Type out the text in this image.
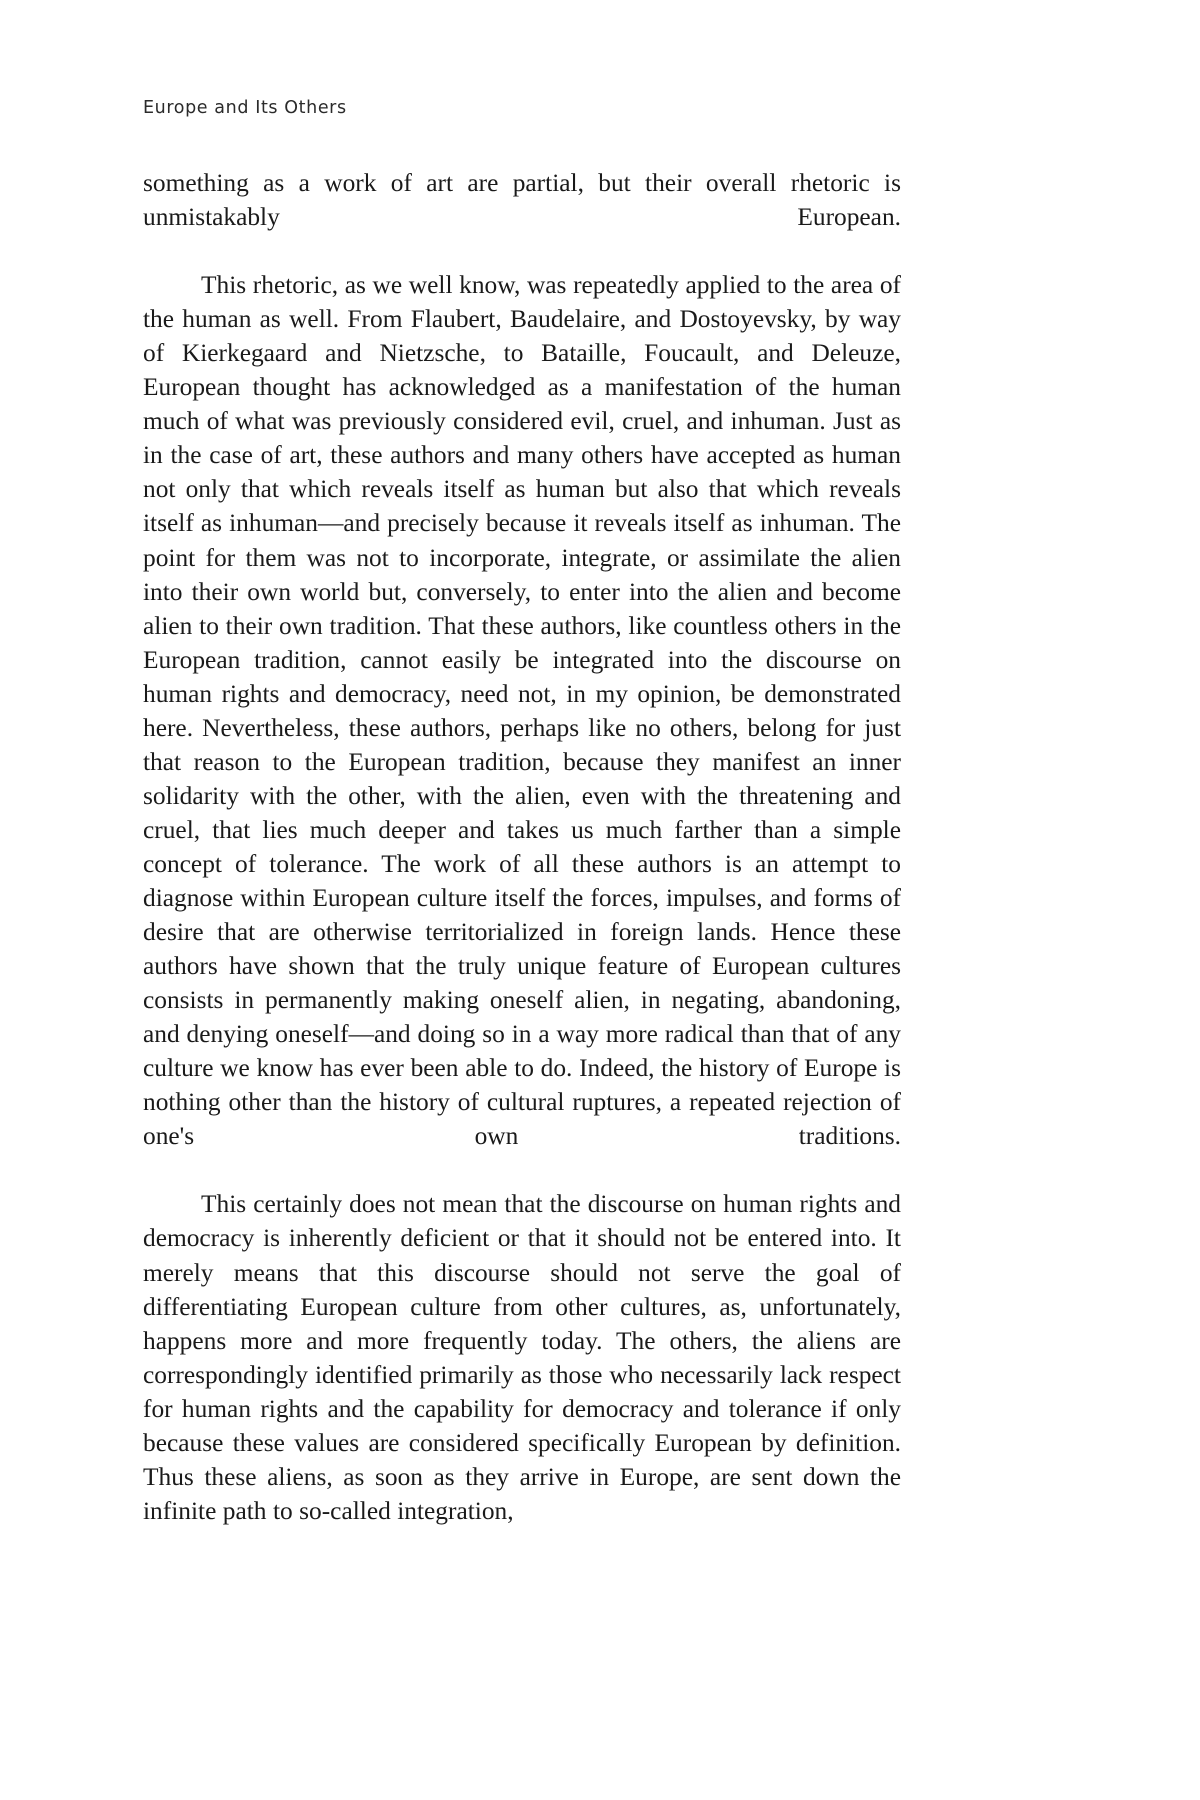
Europe and Its Others

something as a work of art are partial, but their overall rhetoric is unmistakably European.

This rhetoric, as we well know, was repeatedly applied to the area of the human as well. From Flaubert, Baudelaire, and Dostoyevsky, by way of Kierkegaard and Nietzsche, to Bataille, Foucault, and Deleuze, European thought has acknowledged as a manifestation of the human much of what was previously considered evil, cruel, and inhuman. Just as in the case of art, these authors and many others have accepted as human not only that which reveals itself as human but also that which reveals itself as inhuman—and precisely because it reveals itself as inhuman. The point for them was not to incorporate, integrate, or assimilate the alien into their own world but, conversely, to enter into the alien and become alien to their own tradition. That these authors, like countless others in the European tradition, cannot easily be integrated into the discourse on human rights and democracy, need not, in my opinion, be demonstrated here. Nevertheless, these authors, perhaps like no others, belong for just that reason to the European tradition, because they manifest an inner solidarity with the other, with the alien, even with the threatening and cruel, that lies much deeper and takes us much farther than a simple concept of tolerance. The work of all these authors is an attempt to diagnose within European culture itself the forces, impulses, and forms of desire that are otherwise territorialized in foreign lands. Hence these authors have shown that the truly unique feature of European cultures consists in permanently making oneself alien, in negating, abandoning, and denying oneself—and doing so in a way more radical than that of any culture we know has ever been able to do. Indeed, the history of Europe is nothing other than the history of cultural ruptures, a repeated rejection of one's own traditions.

This certainly does not mean that the discourse on human rights and democracy is inherently deficient or that it should not be entered into. It merely means that this discourse should not serve the goal of differentiating European culture from other cultures, as, unfortunately, happens more and more frequently today. The others, the aliens are correspondingly identified primarily as those who necessarily lack respect for human rights and the capability for democracy and tolerance if only because these values are considered specifically European by definition. Thus these aliens, as soon as they arrive in Europe, are sent down the infinite path to so-called integration,
